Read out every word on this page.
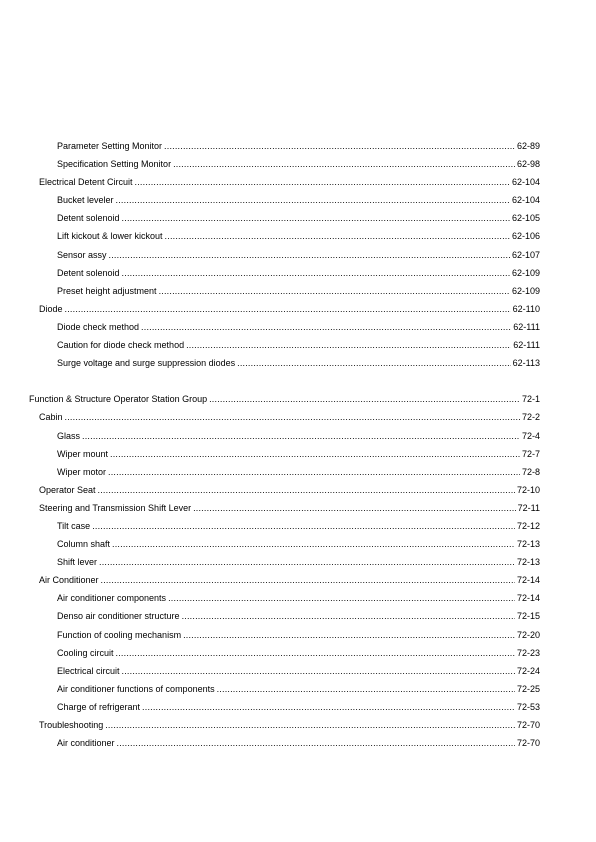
Parameter Setting Monitor .....	62-89
Specification Setting Monitor .....	62-98
Electrical Detent Circuit .....	62-104
Bucket leveler .....	62-104
Detent solenoid .....	62-105
Lift kickout & lower kickout .....	62-106
Sensor assy .....	62-107
Detent solenoid .....	62-109
Preset height adjustment .....	62-109
Diode .....	62-110
Diode check method .....	62-111
Caution for diode check method .....	62-111
Surge voltage and surge suppression diodes .....	62-113
Function & Structure Operator Station Group .....	72-1
Cabin .....	72-2
Glass .....	72-4
Wiper mount .....	72-7
Wiper motor .....	72-8
Operator Seat .....	72-10
Steering and Transmission Shift Lever .....	72-11
Tilt case .....	72-12
Column shaft .....	72-13
Shift lever .....	72-13
Air Conditioner .....	72-14
Air conditioner components .....	72-14
Denso air conditioner structure .....	72-15
Function of cooling mechanism .....	72-20
Cooling circuit .....	72-23
Electrical circuit .....	72-24
Air conditioner functions of components .....	72-25
Charge of refrigerant .....	72-53
Troubleshooting .....	72-70
Air conditioner .....	72-70
